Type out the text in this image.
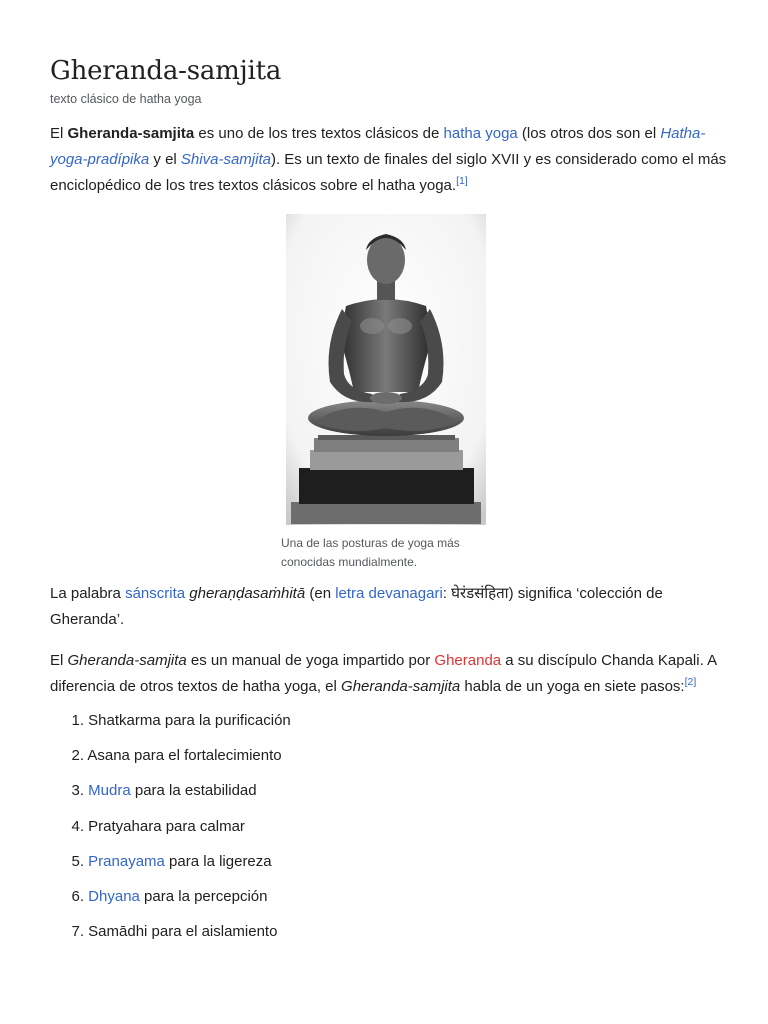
Gheranda-samjita
texto clásico de hatha yoga

El Gheranda-samjita es uno de los tres textos clásicos de hatha yoga (los otros dos son el Hatha-yoga-pradípika y el Shiva-samjita). Es un texto de finales del siglo XVII y es considerado como el más enciclopédico de los tres textos clásicos sobre el hatha yoga.[1]

Una de las posturas de yoga más conocidas mundialmente.

La palabra sánscrita gheraṇḍasaṁhitā (en letra devanagari: घेरंडसंहिता) significa ‘colección de Gheranda’.

El Gheranda-samjita es un manual de yoga impartido por Gheranda a su discípulo Chanda Kapali. A diferencia de otros textos de hatha yoga, el Gheranda-samjita habla de un yoga en siete pasos:[2]

1. Shatkarma para la purificación
2. Asana para el fortalecimiento
3. Mudra para la estabilidad
4. Pratyahara para calmar
5. Pranayama para la ligereza
6. Dhyana para la percepción
7. Samādhi para el aislamiento
